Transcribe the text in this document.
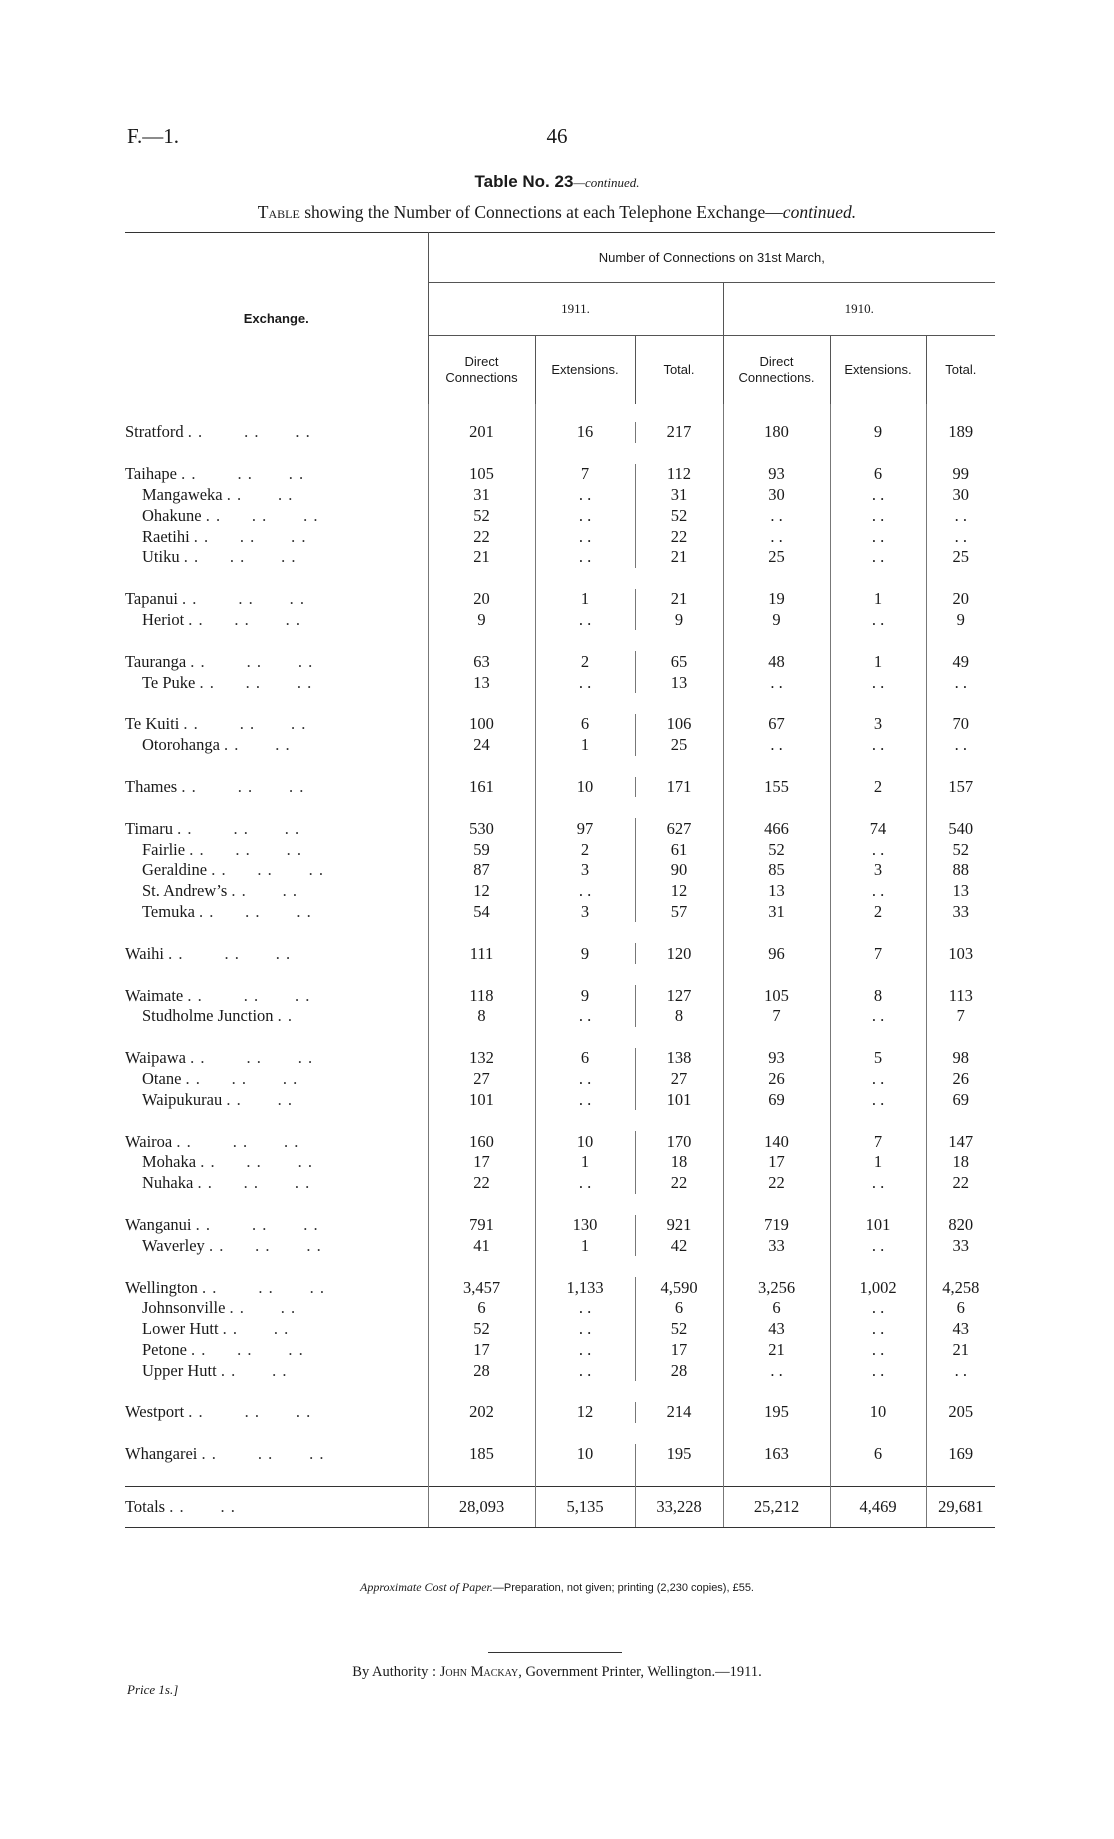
F.—1.	46
Table No. 23—continued.
Table showing the Number of Connections at each Telephone Exchange—continued.
Exchange.	Number of Connections on 31st March,					
	1911.			1910.		
	Direct Connections	Extensions.	Total.	Direct Connections.	Extensions.	Total.

Stratford . .        . .       . .	201	16	217	180	9	189

Taihape . .        . .       . .	105	7	112	93	6	99
Mangaweka . .       . .	31	. .	31	30	. .	30
Ohakune . .      . .       . .	52	. .	52	. .	. .	. .
Raetihi . .      . .       . .	22	. .	22	. .	. .	. .
Utiku . .      . .       . .	21	. .	21	25	. .	25

Tapanui . .        . .       . .	20	1	21	19	1	20
Heriot . .      . .       . .	9	. .	9	9	. .	9

Tauranga . .        . .       . .	63	2	65	48	1	49
Te Puke . .      . .       . .	13	. .	13	. .	. .	. .

Te Kuiti . .        . .       . .	100	6	106	67	3	70
Otorohanga . .       . .	24	1	25	. .	. .	. .

Thames . .        . .       . .	161	10	171	155	2	157

Timaru . .        . .       . .	530	97	627	466	74	540
Fairlie . .      . .       . .	59	2	61	52	. .	52
Geraldine . .      . .       . .	87	3	90	85	3	88
St. Andrew’s . .       . .	12	. .	12	13	. .	13
Temuka . .      . .       . .	54	3	57	31	2	33

Waihi . .        . .       . .	111	9	120	96	7	103

Waimate . .        . .       . .	118	9	127	105	8	113
Studholme Junction . .	8	. .	8	7	. .	7

Waipawa . .        . .       . .	132	6	138	93	5	98
Otane . .      . .       . .	27	. .	27	26	. .	26
Waipukurau . .       . .	101	. .	101	69	. .	69

Wairoa . .        . .       . .	160	10	170	140	7	147
Mohaka . .      . .       . .	17	1	18	17	1	18
Nuhaka . .      . .       . .	22	. .	22	22	. .	22

Wanganui . .        . .       . .	791	130	921	719	101	820
Waverley . .      . .       . .	41	1	42	33	. .	33

Wellington . .        . .       . .	3,457	1,133	4,590	3,256	1,002	4,258
Johnsonville . .       . .	6	. .	6	6	. .	6
Lower Hutt . .       . .	52	. .	52	43	. .	43
Petone . .      . .       . .	17	. .	17	21	. .	21
Upper Hutt . .       . .	28	. .	28	. .	. .	. .

Westport . .        . .       . .	202	12	214	195	10	205

Whangarei . .        . .       . .	185	10	195	163	6	169

Totals . .       . .	28,093	5,135	33,228	25,212	4,469	29,681
Approximate Cost of Paper.—Preparation, not given; printing (2,230 copies), £55.
By Authority : John Mackay, Government Printer, Wellington.—1911.
Price 1s.]
